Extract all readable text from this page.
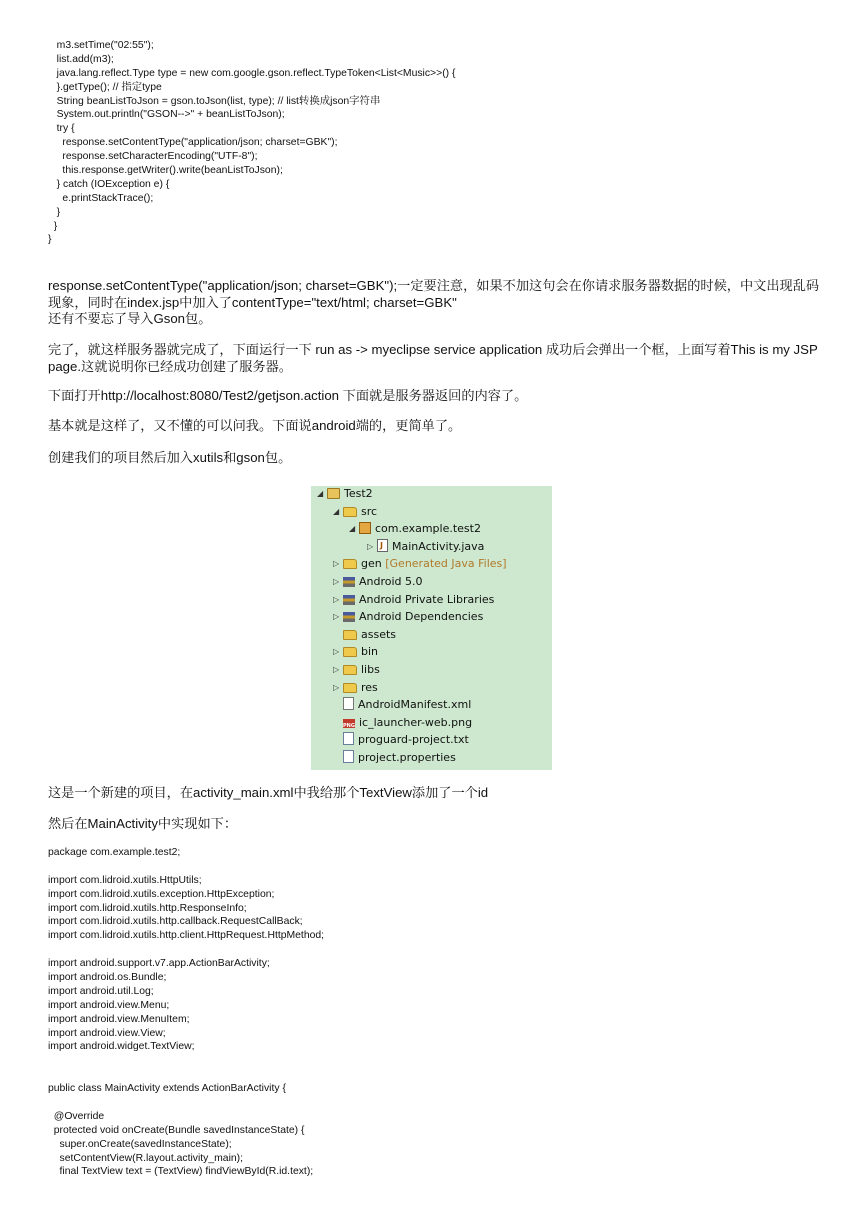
m3.setTime("02:55");
list.add(m3);
java.lang.reflect.Type type = new com.google.gson.reflect.TypeToken<List<Music>>() {
}.getType(); // 指定type
String beanListToJson = gson.toJson(list, type); // list转换成json字符串
System.out.println("GSON-->" + beanListToJson);
try {
response.setContentType("application/json; charset=GBK");
response.setCharacterEncoding("UTF-8");
this.response.getWriter().write(beanListToJson);
} catch (IOException e) {
e.printStackTrace();
}
}
}

response.setContentType("application/json; charset=GBK");一定要注意，如果不加这句会在你请求服务器数据的时候，中文出现乱码现象，同时在index.jsp中加入了contentType="text/html; charset=GBK"
还有不要忘了导入Gson包。

完了，就这样服务器就完成了，下面运行一下 run as -> myeclipse service application 成功后会弹出一个框，上面写着This is my JSP page.这就说明你已经成功创建了服务器。

下面打开http://localhost:8080/Test2/getjson.action 下面就是服务器返回的内容了。

基本就是这样了，又不懂的可以问我。下面说android端的，更简单了。

创建我们的项目然后加入xutils和gson包。

◢ Test2
◢ src
◢ com.example.test2
▷J MainActivity.java
▷ gen [Generated Java Files]
▷ Android 5.0
▷ Android Private Libraries
▷ Android Dependencies
assets
▷ bin
▷ libs
▷ res
AndroidManifest.xml
PNGic_launcher-web.png
proguard-project.txt
project.properties

这是一个新建的项目，在activity_main.xml中我给那个TextView添加了一个id

然后在MainActivity中实现如下：

package com.example.test2;
import com.lidroid.xutils.HttpUtils;
import com.lidroid.xutils.exception.HttpException;
import com.lidroid.xutils.http.ResponseInfo;
import com.lidroid.xutils.http.callback.RequestCallBack;
import com.lidroid.xutils.http.client.HttpRequest.HttpMethod;
import android.support.v7.app.ActionBarActivity;
import android.os.Bundle;
import android.util.Log;
import android.view.Menu;
import android.view.MenuItem;
import android.view.View;
import android.widget.TextView;
public class MainActivity extends ActionBarActivity {
@Override
protected void onCreate(Bundle savedInstanceState) {
super.onCreate(savedInstanceState);
setContentView(R.layout.activity_main);
final TextView text = (TextView) findViewById(R.id.text);
